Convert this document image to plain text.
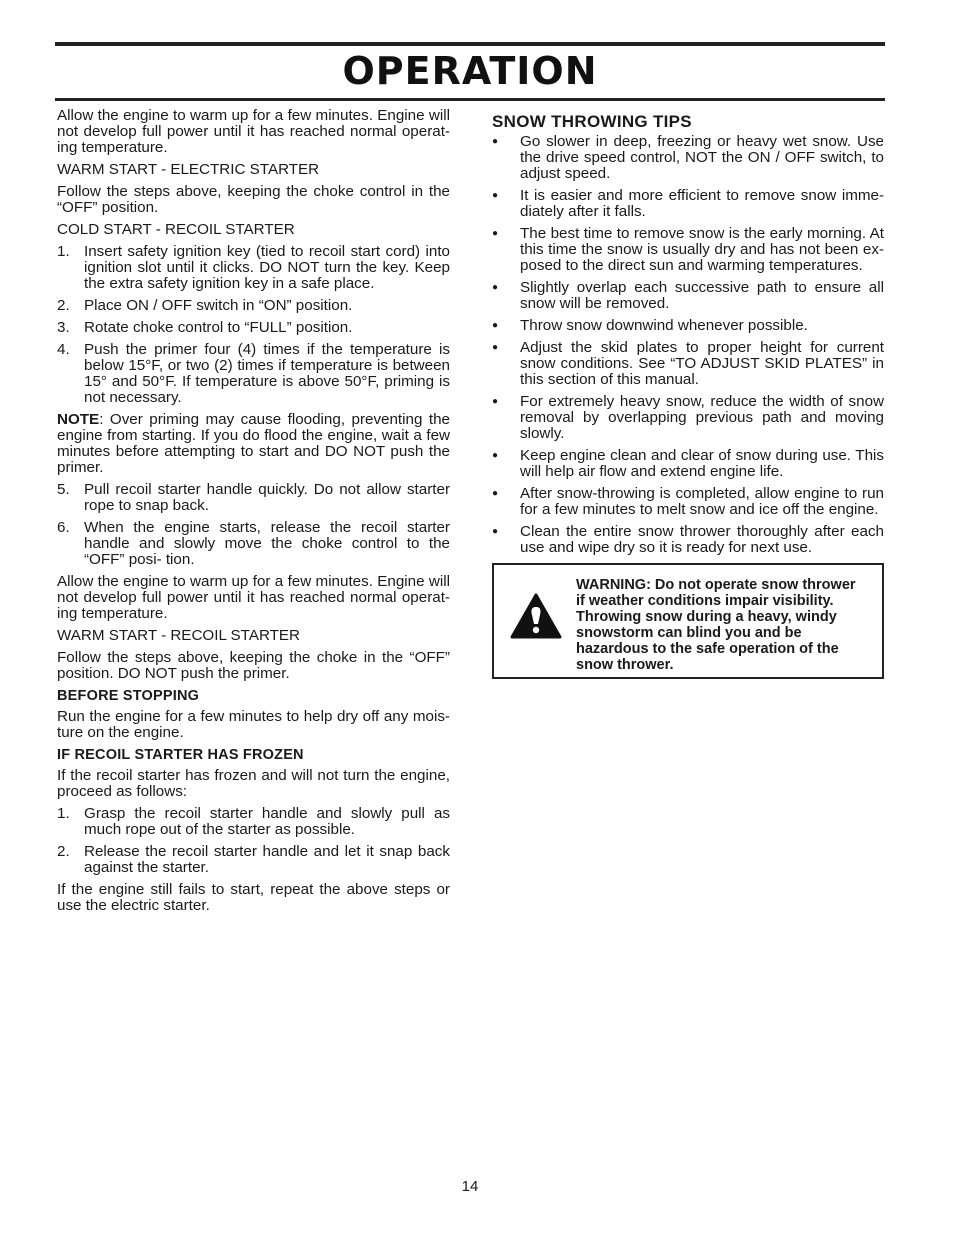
OPERATION

Allow the engine to warm up for a few minutes. Engine will not develop full power until it has reached normal operat- ing temperature.

WARM START - ELECTRIC STARTER

Follow the steps above, keeping the choke control in the “OFF” position.

COLD START - RECOIL STARTER
1. Insert safety ignition key (tied to recoil start cord) into ignition slot until it clicks. DO NOT turn the key. Keep the extra safety ignition key in a safe place.
2. Place ON / OFF switch in “ON” position.
3. Rotate choke control to “FULL” position.
4. Push the primer four (4) times if the temperature is below 15°F, or two (2) times if temperature is between 15° and 50°F. If temperature is above 50°F, priming is not necessary.

NOTE: Over priming may cause flooding, preventing the engine from starting. If you do flood the engine, wait a few minutes before attempting to start and DO NOT push the primer.

5. Pull recoil starter handle quickly. Do not allow starter rope to snap back.
6. When the engine starts, release the recoil starter handle and slowly move the choke control to the “OFF” posi- tion.

Allow the engine to warm up for a few minutes. Engine will not develop full power until it has reached normal operat- ing temperature.

WARM START - RECOIL STARTER

Follow the steps above, keeping the choke in the “OFF” position. DO NOT push the primer.

BEFORE STOPPING

Run the engine for a few minutes to help dry off any mois- ture on the engine.

IF RECOIL STARTER HAS FROZEN

If the recoil starter has frozen and will not turn the engine, proceed as follows:

1. Grasp the recoil starter handle and slowly pull as much rope out of the starter as possible.
2. Release the recoil starter handle and let it snap back against the starter.

If the engine still fails to start, repeat the above steps or use the electric starter.

SNOW THROWING TIPS
●	Go slower in deep, freezing or heavy wet snow. Use the drive speed control, NOT the ON / OFF switch, to adjust speed.
●	It is easier and more efficient to remove snow imme- diately after it falls.
●	The best time to remove snow is the early morning. At this time the snow is usually dry and has not been ex- posed to the direct sun and warming temperatures.
●	Slightly overlap each successive path to ensure all snow will be removed.
●	Throw snow downwind whenever possible.
●	Adjust the skid plates to proper height for current snow conditions. See “TO ADJUST SKID PLATES” in this section of this manual.
●	For extremely heavy snow, reduce the width of snow removal by overlapping previous path and moving slowly.
●	Keep engine clean and clear of snow during use. This will help air flow and extend engine life.
●	After snow-throwing is completed, allow engine to run for a few minutes to melt snow and ice off the engine.
●	Clean the entire snow thrower thoroughly after each use and wipe dry so it is ready for next use.
WARNING: Do not operate snow thrower if weather conditions impair visibility. Throwing snow during a heavy, windy snowstorm can blind you and be hazardous to the safe operation of the snow thrower.
14
